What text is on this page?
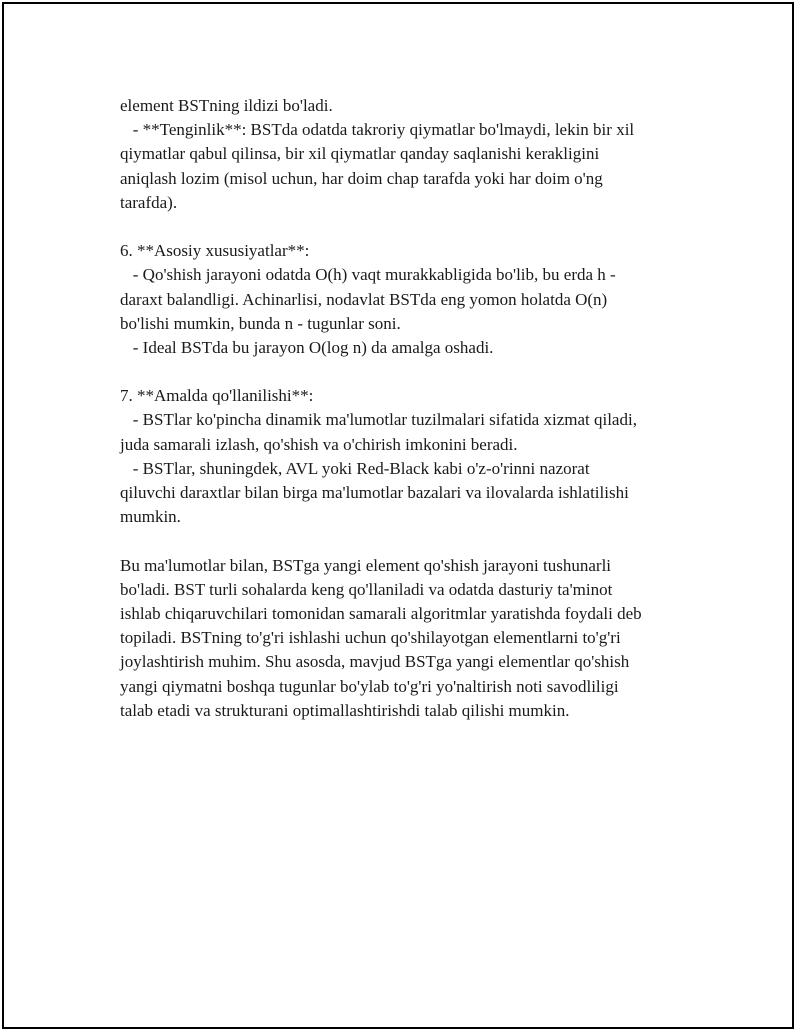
element BSTning ildizi bo'ladi.
- **Tenginlik**: BSTda odatda takroriy qiymatlar bo'lmaydi, lekin bir xil
qiymatlar qabul qilinsa, bir xil qiymatlar qanday saqlanishi kerakligini
aniqlash lozim (misol uchun, har doim chap tarafda yoki har doim o'ng
tarafda).
6. **Asosiy xususiyatlar**:
- Qo'shish jarayoni odatda O(h) vaqt murakkabligida bo'lib, bu erda h -
daraxt balandligi. Achinarlisi, nodavlat BSTda eng yomon holatda O(n)
bo'lishi mumkin, bunda n - tugunlar soni.
- Ideal BSTda bu jarayon O(log n) da amalga oshadi.
7. **Amalda qo'llanilishi**:
- BSTlar ko'pincha dinamik ma'lumotlar tuzilmalari sifatida xizmat qiladi,
juda samarali izlash, qo'shish va o'chirish imkonini beradi.
- BSTlar, shuningdek, AVL yoki Red-Black kabi o'z-o'rinni nazorat
qiluvchi daraxtlar bilan birga ma'lumotlar bazalari va ilovalarda ishlatilishi
mumkin.
Bu ma'lumotlar bilan, BSTga yangi element qo'shish jarayoni tushunarli
bo'ladi. BST turli sohalarda keng qo'llaniladi va odatda dasturiy ta'minot
ishlab chiqaruvchilari tomonidan samarali algoritmlar yaratishda foydali deb
topiladi. BSTning to'g'ri ishlashi uchun qo'shilayotgan elementlarni to'g'ri
joylashtirish muhim. Shu asosda, mavjud BSTga yangi elementlar qo'shish
yangi qiymatni boshqa tugunlar bo'ylab to'g'ri yo'naltirish noti savodliligi
talab etadi va strukturani optimallashtirishdi talab qilishi mumkin.
